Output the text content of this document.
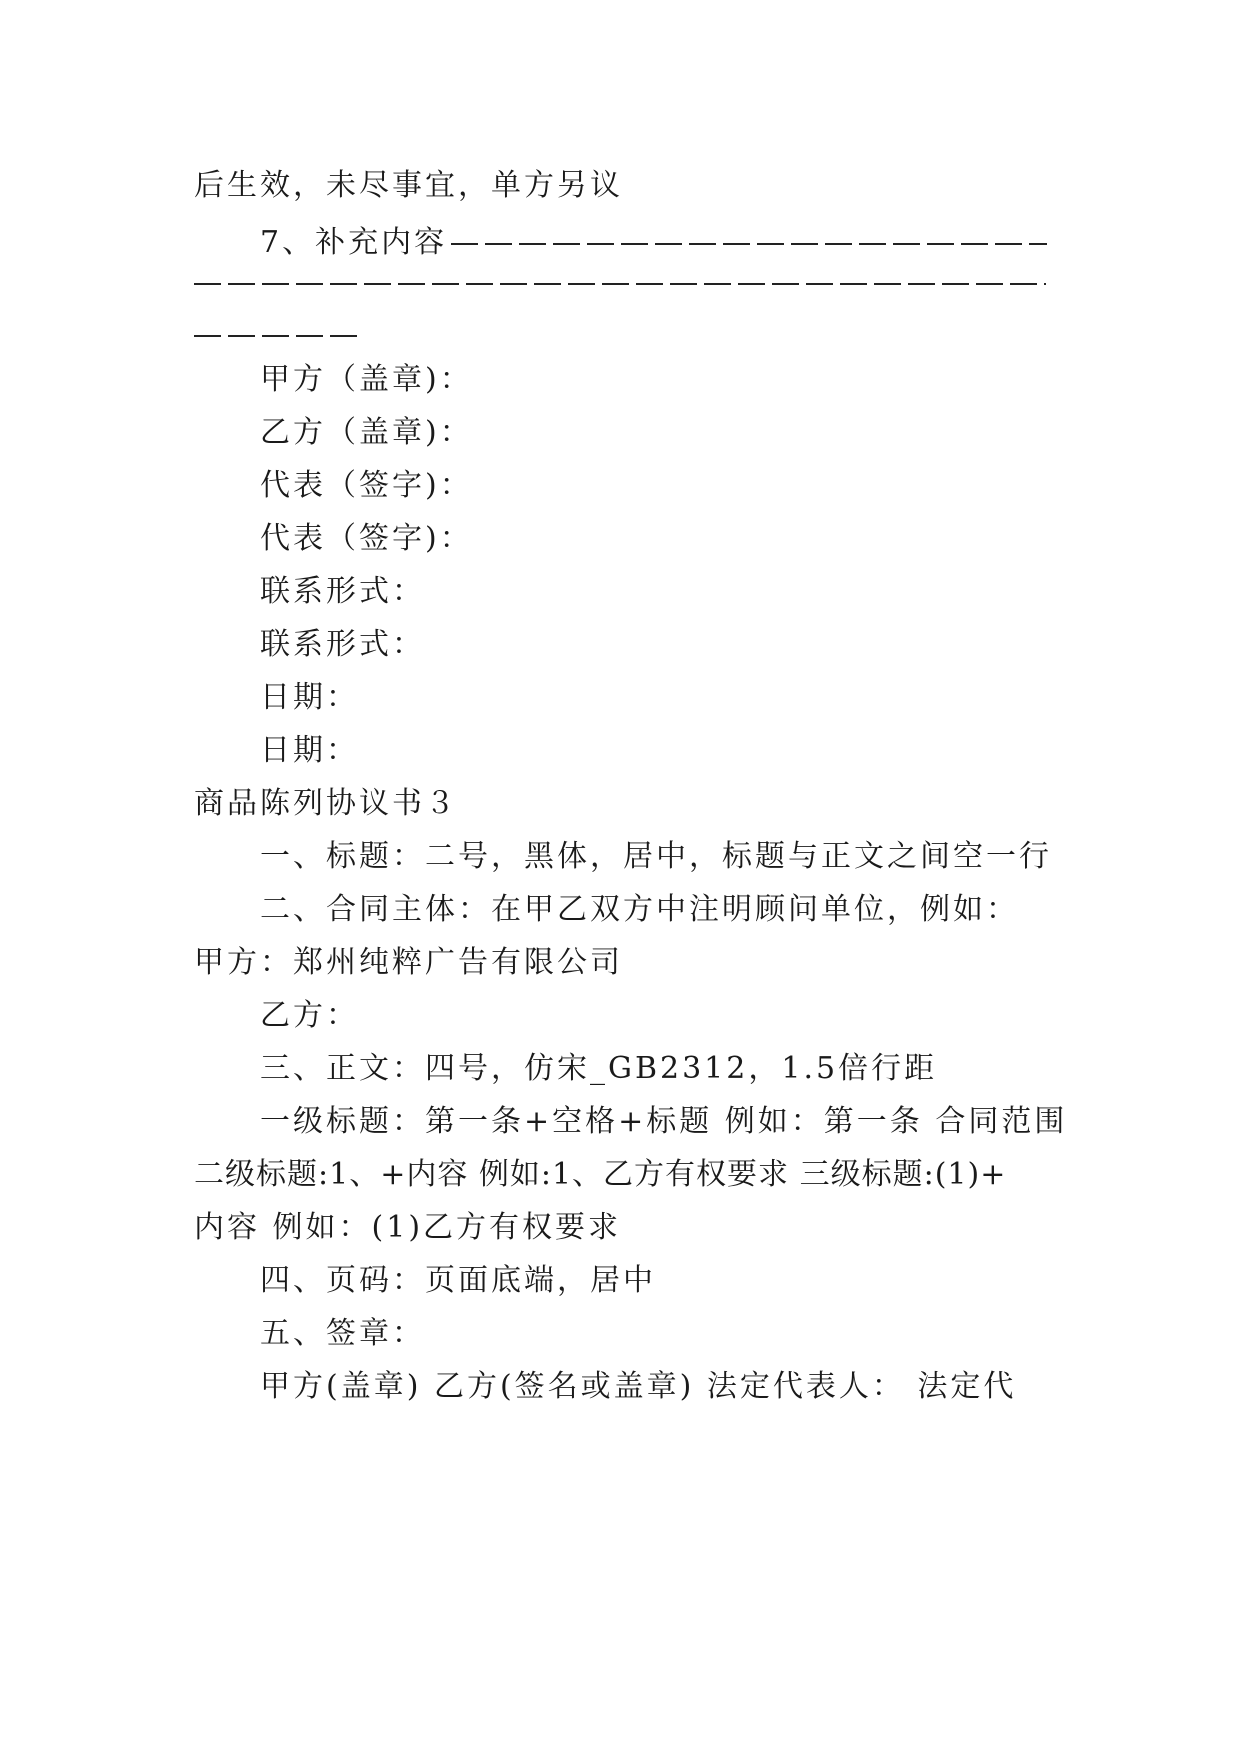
后生效，未尽事宜，单方另议
7、补充内容
甲方（盖章)：
乙方（盖章)：
代表（签字)：
代表（签字)：
联系形式：
联系形式：
日期：
日期：
商品陈列协议书３
一、标题：二号，黑体，居中，标题与正文之间空一行
二、合同主体：在甲乙双方中注明顾问单位，例如：
甲方：郑州纯粹广告有限公司
乙方：
三、正文：四号，仿宋_GB2312，1.5倍行距
一级标题：第一条+空格+标题 例如：第一条 合同范围
二级标题:1、+内容 例如:1、乙方有权要求 三级标题:(1)+
内容 例如：(1)乙方有权要求
四、页码：页面底端，居中
五、签章：
甲方(盖章) 乙方(签名或盖章) 法定代表人： 法定代
